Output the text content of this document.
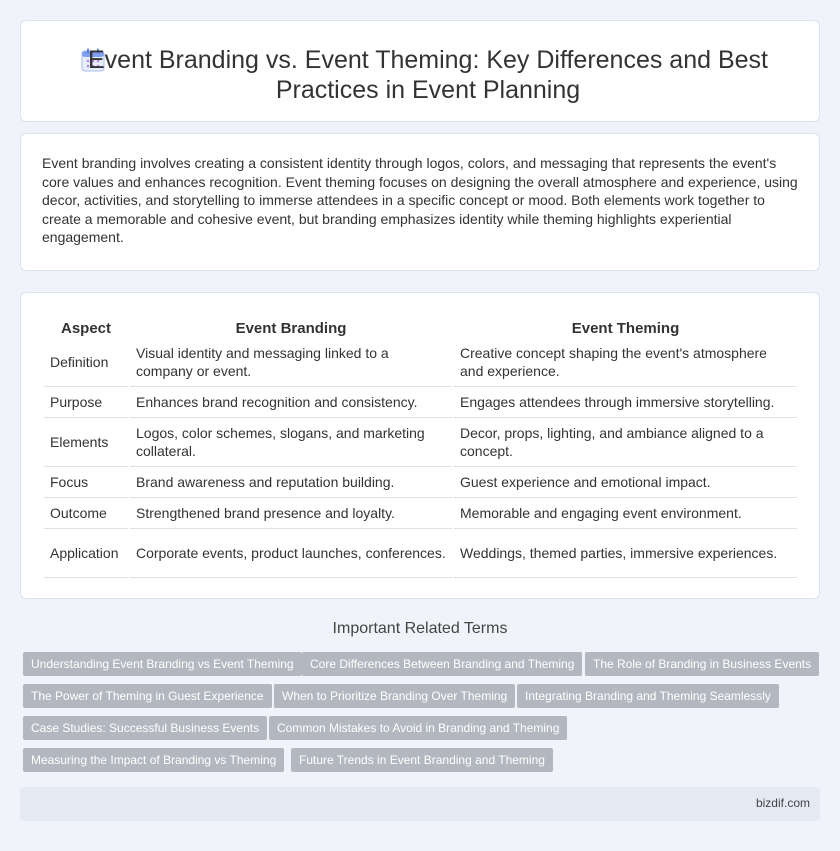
Event Branding vs. Event Theming: Key Differences and Best Practices in Event Planning

Event branding involves creating a consistent identity through logos, colors, and messaging that represents the event's core values and enhances recognition. Event theming focuses on designing the overall atmosphere and experience, using decor, activities, and storytelling to immerse attendees in a specific concept or mood. Both elements work together to create a memorable and cohesive event, but branding emphasizes identity while theming highlights experiential engagement.

Aspect	Event Branding	Event Theming
Definition	Visual identity and messaging linked to a company or event.	Creative concept shaping the event's atmosphere and experience.
Purpose	Enhances brand recognition and consistency.	Engages attendees through immersive storytelling.
Elements	Logos, color schemes, slogans, and marketing collateral.	Decor, props, lighting, and ambiance aligned to a concept.
Focus	Brand awareness and reputation building.	Guest experience and emotional impact.
Outcome	Strengthened brand presence and loyalty.	Memorable and engaging event environment.
Application	Corporate events, product launches, conferences.	Weddings, themed parties, immersive experiences.
Important Related Terms
Understanding Event Branding vs Event Theming	Core Differences Between Branding and Theming	The Role of Branding in Business Events
The Power of Theming in Guest Experience	When to Prioritize Branding Over Theming	Integrating Branding and Theming Seamlessly
Case Studies: Successful Business Events	Common Mistakes to Avoid in Branding and Theming
Measuring the Impact of Branding vs Theming	Future Trends in Event Branding and Theming
bizdif.com
